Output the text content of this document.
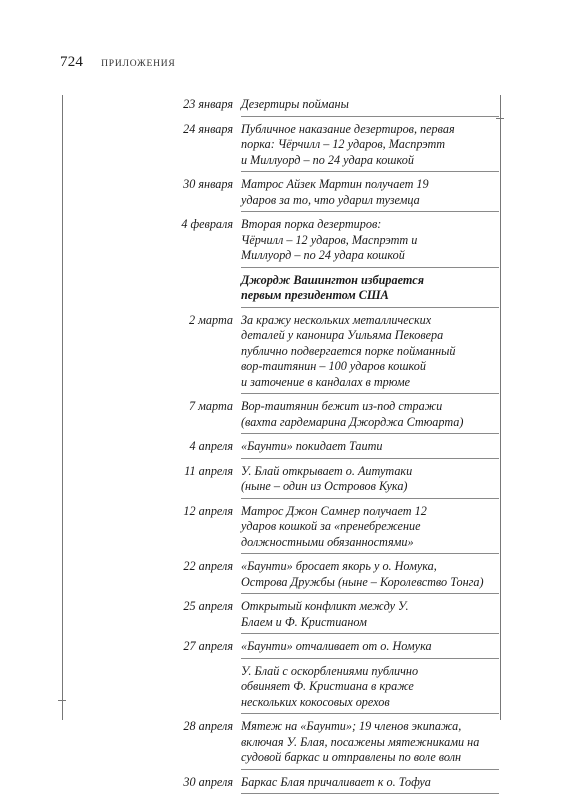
724 ПРИЛОЖЕНИЯ
23 января Дезертиры пойманы
24 января Публичное наказание дезертиров, первая
порка: Чёрчилл – 12 ударов, Маспрэтт
и Миллуорд – по 24 удара кошкой
30 января Матрос Айзек Мартин получает 19
ударов за то, что ударил туземца
4 февраля Вторая порка дезертиров:
Чёрчилл – 12 ударов, Маспрэтт и
Миллуорд – по 24 удара кошкой
Джордж Вашингтон избирается
первым президентом США
2 марта За кражу нескольких металлических
деталей у канонира Уильяма Пековера
публично подвергается порке пойманный
вор-таитянин – 100 ударов кошкой
и заточение в кандалах в трюме
7 марта Вор-таитянин бежит из-под стражи
(вахта гардемарина Джорджа Стюарта)
4 апреля «Баунти» покидает Таити
11 апреля У. Блай открывает о. Аитутаки
(ныне – один из Островов Кука)
12 апреля Матрос Джон Самнер получает 12
ударов кошкой за «пренебрежение
должностными обязанностями»
22 апреля «Баунти» бросает якорь у о. Номука,
Острова Дружбы (ныне – Королевство Тонга)
25 апреля Открытый конфликт между У.
Блаем и Ф. Кристианом
27 апреля «Баунти» отчаливает от о. Номука
У. Блай с оскорблениями публично
обвиняет Ф. Кристиана в краже
нескольких кокосовых орехов
28 апреля Мятеж на «Баунти»; 19 членов экипажа,
включая У. Блая, посажены мятежниками на
судовой баркас и отправлены по воле волн
30 апреля Баркас Блая причаливает к о. Тофуа
